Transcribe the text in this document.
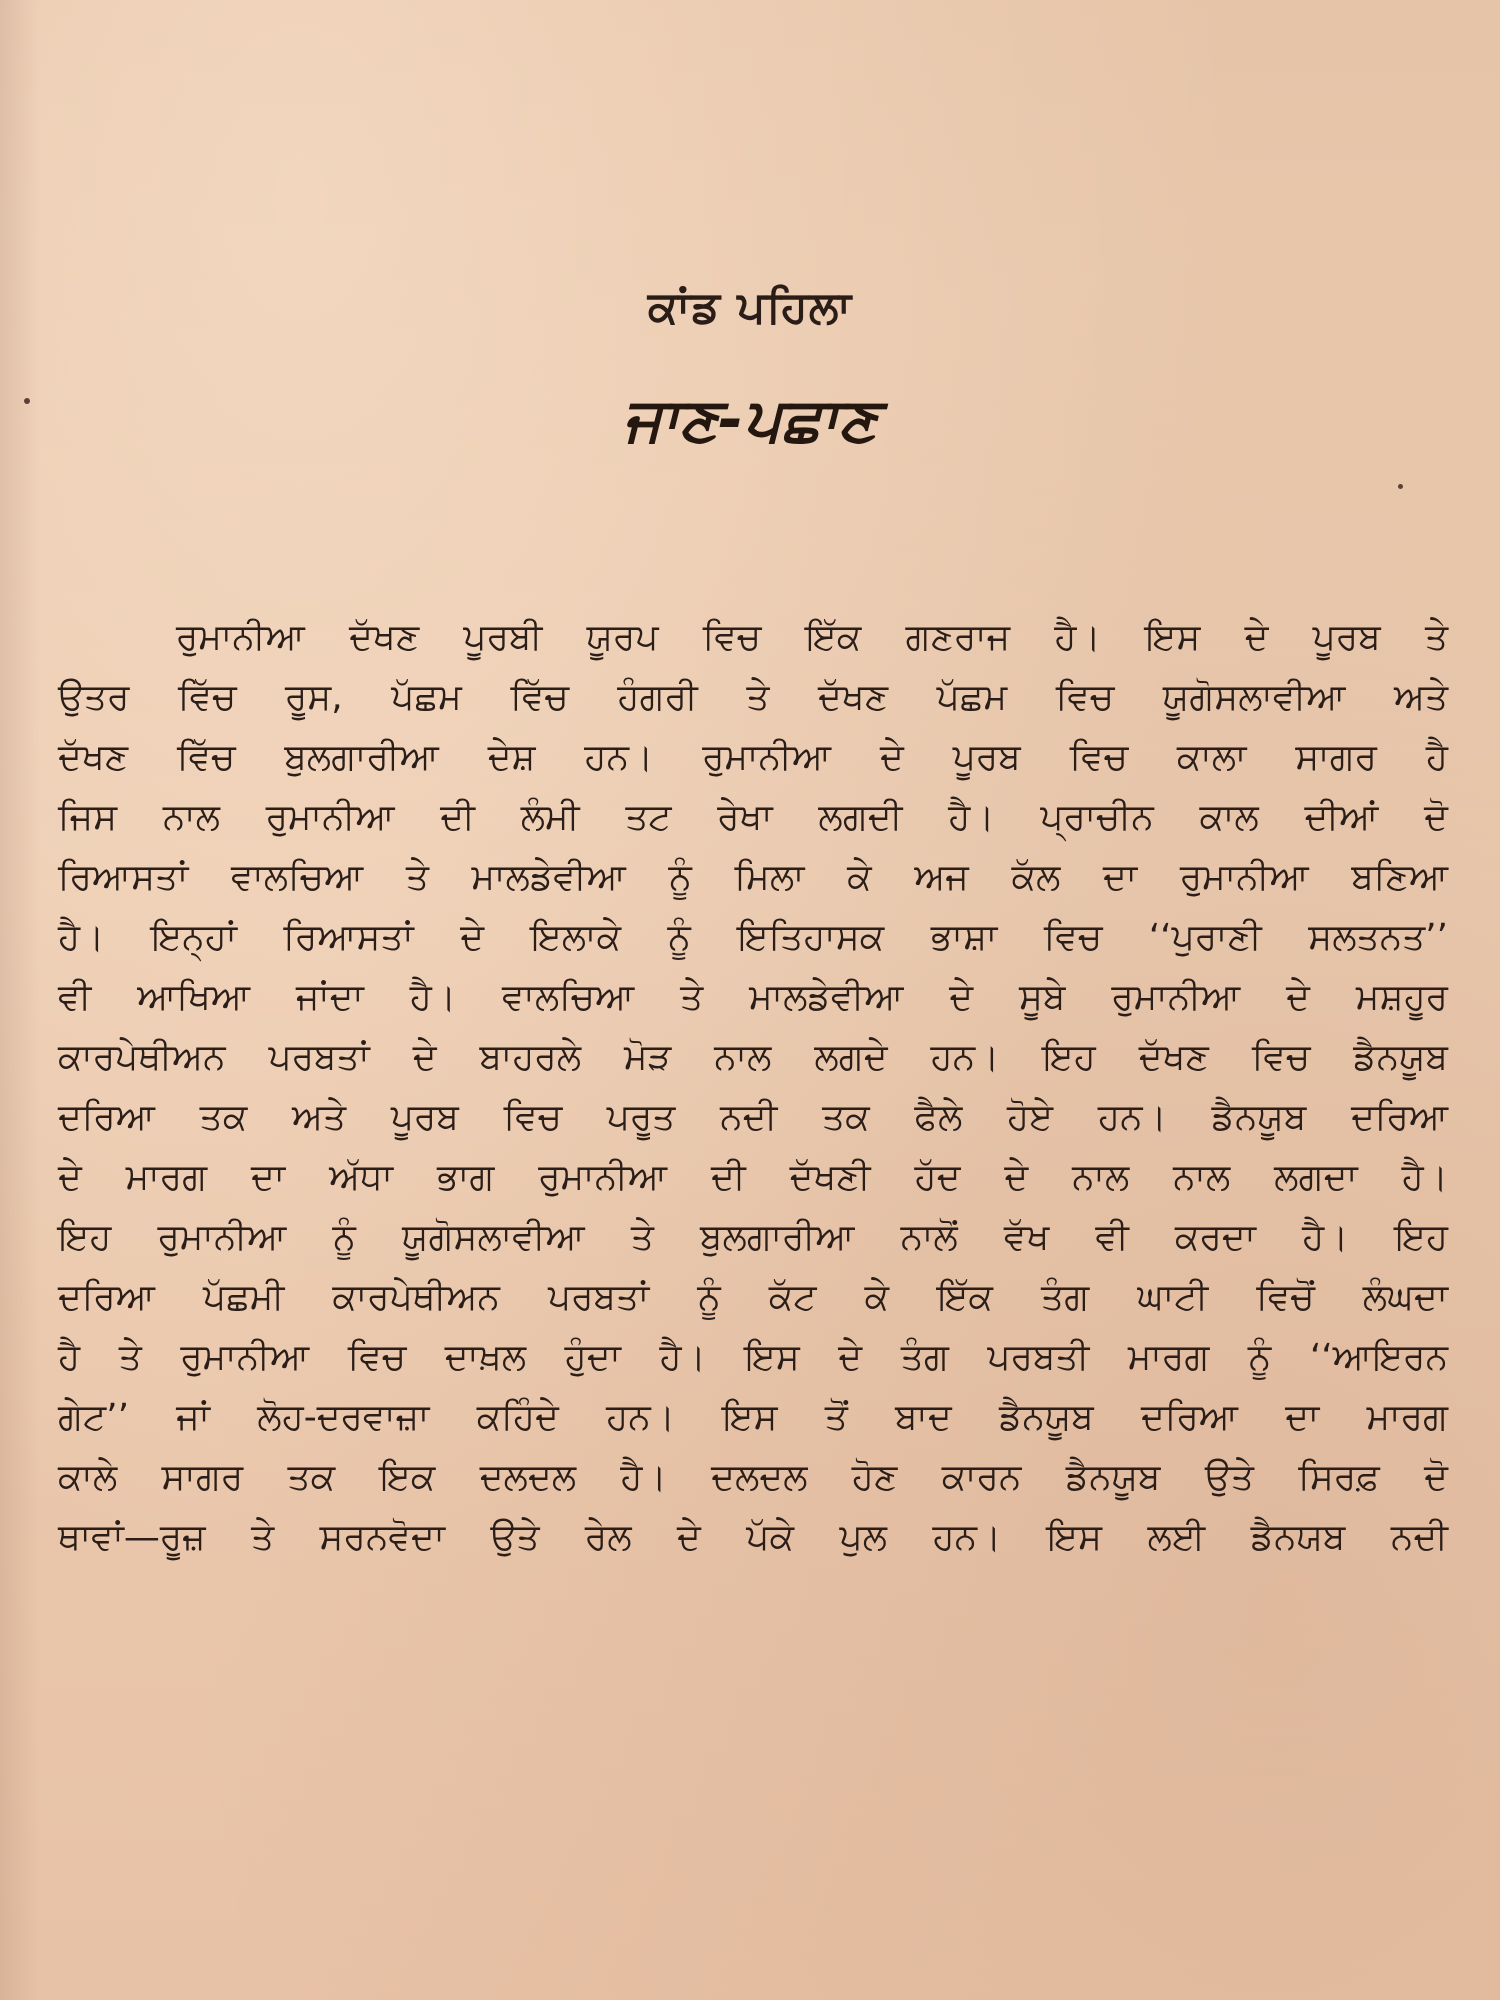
ਕਾਂਡ ਪਹਿਲਾ
ਜਾਣ-ਪਛਾਣ
ਰੁਮਾਨੀਆ ਦੱਖਣ ਪੂਰਬੀ ਯੂਰਪ ਵਿਚ ਇੱਕ ਗਣਰਾਜ ਹੈ। ਇਸ ਦੇ ਪੂਰਬ ਤੇ
ਉਤਰ ਵਿੱਚ ਰੂਸ, ਪੱਛਮ ਵਿੱਚ ਹੰਗਰੀ ਤੇ ਦੱਖਣ ਪੱਛਮ ਵਿਚ ਯੂਗੋਸਲਾਵੀਆ ਅਤੇ
ਦੱਖਣ ਵਿੱਚ ਬੁਲਗਾਰੀਆ ਦੇਸ਼ ਹਨ। ਰੁਮਾਨੀਆ ਦੇ ਪੂਰਬ ਵਿਚ ਕਾਲਾ ਸਾਗਰ ਹੈ
ਜਿਸ ਨਾਲ ਰੁਮਾਨੀਆ ਦੀ ਲੰਮੀ ਤਟ ਰੇਖਾ ਲਗਦੀ ਹੈ। ਪ੍ਰਾਚੀਨ ਕਾਲ ਦੀਆਂ ਦੋ
ਰਿਆਸਤਾਂ ਵਾਲਚਿਆ ਤੇ ਮਾਲਡੇਵੀਆ ਨੂੰ ਮਿਲਾ ਕੇ ਅਜ ਕੱਲ ਦਾ ਰੁਮਾਨੀਆ ਬਣਿਆ
ਹੈ। ਇਨ੍ਹਾਂ ਰਿਆਸਤਾਂ ਦੇ ਇਲਾਕੇ ਨੂੰ ਇਤਿਹਾਸਕ ਭਾਸ਼ਾ ਵਿਚ ‘‘ਪੁਰਾਣੀ ਸਲਤਨਤ’’
ਵੀ ਆਖਿਆ ਜਾਂਦਾ ਹੈ। ਵਾਲਚਿਆ ਤੇ ਮਾਲਡੇਵੀਆ ਦੇ ਸੂਬੇ ਰੁਮਾਨੀਆ ਦੇ ਮਸ਼ਹੂਰ
ਕਾਰਪੇਥੀਅਨ ਪਰਬਤਾਂ ਦੇ ਬਾਹਰਲੇ ਮੋੜ ਨਾਲ ਲਗਦੇ ਹਨ। ਇਹ ਦੱਖਣ ਵਿਚ ਡੈਨਯੂਬ
ਦਰਿਆ ਤਕ ਅਤੇ ਪੂਰਬ ਵਿਚ ਪਰੂਤ ਨਦੀ ਤਕ ਫੈਲੇ ਹੋਏ ਹਨ। ਡੈਨਯੂਬ ਦਰਿਆ
ਦੇ ਮਾਰਗ ਦਾ ਅੱਧਾ ਭਾਗ ਰੁਮਾਨੀਆ ਦੀ ਦੱਖਣੀ ਹੱਦ ਦੇ ਨਾਲ ਨਾਲ ਲਗਦਾ ਹੈ।
ਇਹ ਰੁਮਾਨੀਆ ਨੂੰ ਯੂਗੋਸਲਾਵੀਆ ਤੇ ਬੁਲਗਾਰੀਆ ਨਾਲੋਂ ਵੱਖ ਵੀ ਕਰਦਾ ਹੈ। ਇਹ
ਦਰਿਆ ਪੱਛਮੀ ਕਾਰਪੇਥੀਅਨ ਪਰਬਤਾਂ ਨੂੰ ਕੱਟ ਕੇ ਇੱਕ ਤੰਗ ਘਾਟੀ ਵਿਚੋਂ ਲੰਘਦਾ
ਹੈ ਤੇ ਰੁਮਾਨੀਆ ਵਿਚ ਦਾਖ਼ਲ ਹੁੰਦਾ ਹੈ। ਇਸ ਦੇ ਤੰਗ ਪਰਬਤੀ ਮਾਰਗ ਨੂੰ ‘‘ਆਇਰਨ
ਗੇਟ’’ ਜਾਂ ਲੋਹ-ਦਰਵਾਜ਼ਾ ਕਹਿੰਦੇ ਹਨ। ਇਸ ਤੋਂ ਬਾਦ ਡੈਨਯੂਬ ਦਰਿਆ ਦਾ ਮਾਰਗ
ਕਾਲੇ ਸਾਗਰ ਤਕ ਇਕ ਦਲਦਲ ਹੈ। ਦਲਦਲ ਹੋਣ ਕਾਰਨ ਡੈਨਯੂਬ ਉਤੇ ਸਿਰਫ਼ ਦੋ
ਥਾਵਾਂ—ਰੂਜ਼ ਤੇ ਸਰਨਵੋਦਾ ਉਤੇ ਰੇਲ ਦੇ ਪੱਕੇ ਪੁਲ ਹਨ। ਇਸ ਲਈ ਡੈਨਯਬ ਨਦੀ
